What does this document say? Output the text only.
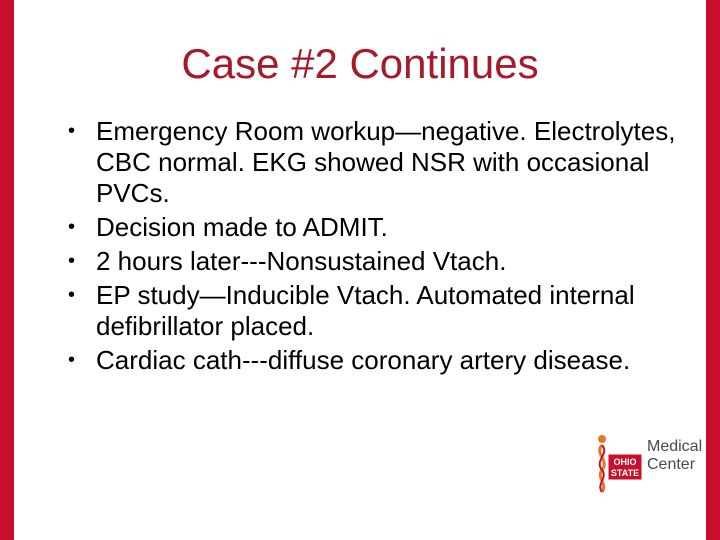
Case #2 Continues
• Emergency Room workup—negative. Electrolytes, CBC normal. EKG showed NSR with occasional PVCs.
• Decision made to ADMIT.
• 2 hours later---Nonsustained Vtach.
• EP study—Inducible Vtach. Automated internal defibrillator placed.
• Cardiac cath---diffuse coronary artery disease.
OHIO
STATE
Medical
Center
